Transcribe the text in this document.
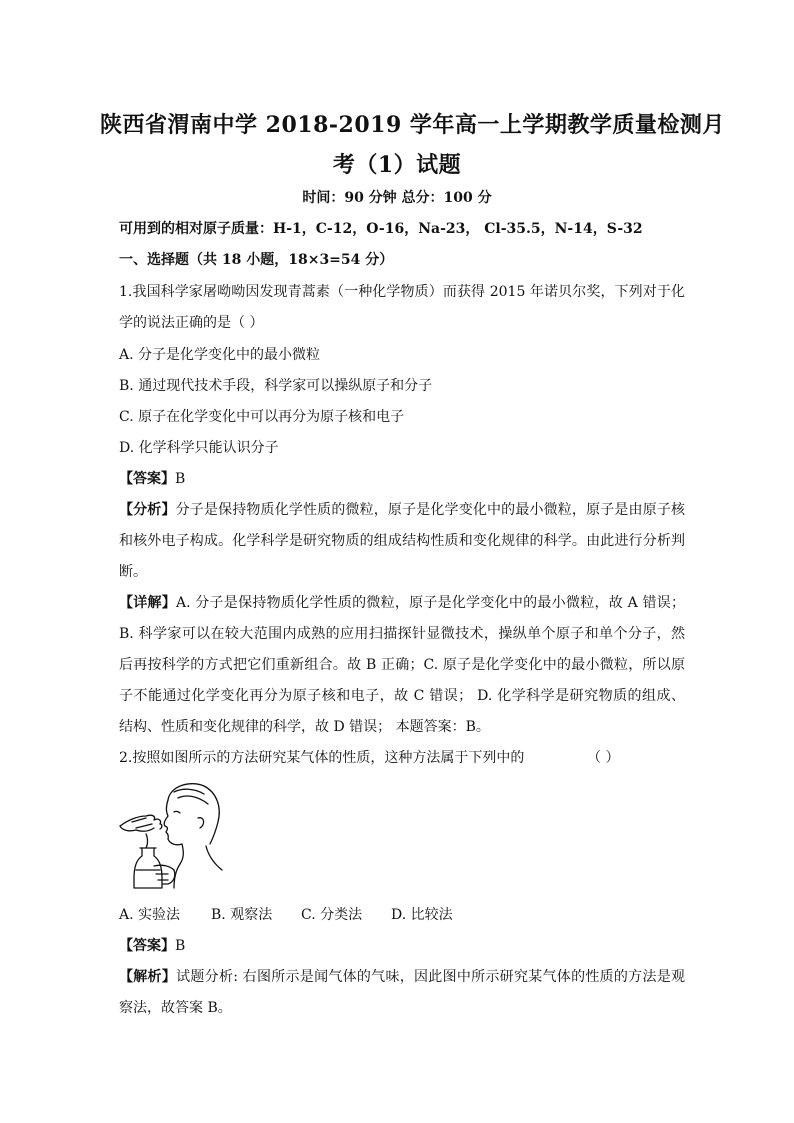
陕西省渭南中学 2018-2019 学年高一上学期教学质量检测月
考（1）试题
时间：90 分钟 总分：100 分
可用到的相对原子质量：H-1，C-12，O-16，Na-23， Cl-35.5，N-14，S-32
一、选择题（共 18 小题，18×3=54 分）
1.我国科学家屠呦呦因发现青蒿素（一种化学物质）而获得 2015 年诺贝尔奖，下列对于化
学的说法正确的是（ ）
A. 分子是化学变化中的最小微粒
B. 通过现代技术手段，科学家可以操纵原子和分子
C. 原子在化学变化中可以再分为原子核和电子
D. 化学科学只能认识分子
【答案】B
【分析】分子是保持物质化学性质的微粒，原子是化学变化中的最小微粒，原子是由原子核
和核外电子构成。化学科学是研究物质的组成结构性质和变化规律的科学。由此进行分析判
断。
【详解】A. 分子是保持物质化学性质的微粒，原子是化学变化中的最小微粒，故 A 错误；
B. 科学家可以在较大范围内成熟的应用扫描探针显微技术，操纵单个原子和单个分子，然
后再按科学的方式把它们重新组合。故 B 正确；C. 原子是化学变化中的最小微粒，所以原
子不能通过化学变化再分为原子核和电子，故 C 错误； D. 化学科学是研究物质的组成、
结构、性质和变化规律的科学，故 D 错误； 本题答案：B。
2.按照如图所示的方法研究某气体的性质，这种方法属于下列中的	（ ）
A. 实验法 B. 观察法 C. 分类法 D. 比较法
【答案】B
【解析】试题分析: 右图所示是闻气体的气味，因此图中所示研究某气体的性质的方法是观
察法，故答案 B。
